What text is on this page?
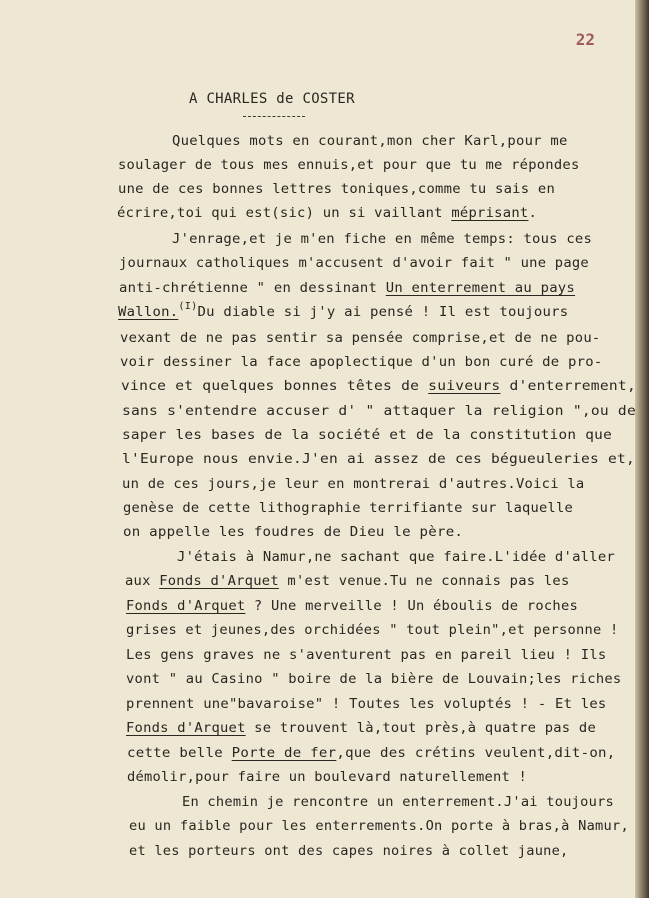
22
A CHARLES de COSTER
Quelques mots en courant,mon cher Karl,pour me
soulager de tous mes ennuis,et pour que tu me répondes
une de ces bonnes lettres toniques,comme tu sais en
écrire,toi qui est(sic) un si vaillant méprisant.
J'enrage,et je m'en fiche en même temps: tous ces
journaux catholiques m'accusent d'avoir fait " une page
anti-chrétienne " en dessinant Un enterrement au pays
Wallon.$^{(I)}$Du diable si j'y ai pensé ! Il est toujours
vexant de ne pas sentir sa pensée comprise,et de ne pou-
voir dessiner la face apoplectique d'un bon curé de pro-
vince et quelques bonnes têtes de suiveurs d'enterrement,
sans s'entendre accuser d' " attaquer la religion ",ou de
saper les bases de la société et de la constitution que
l'Europe nous envie.J'en ai assez de ces bégueuleries et,
un de ces jours,je leur en montrerai d'autres.Voici la
genèse de cette lithographie terrifiante sur laquelle
on appelle les foudres de Dieu le père.
J'étais à Namur,ne sachant que faire.L'idée d'aller
aux Fonds d'Arquet m'est venue.Tu ne connais pas les
Fonds d'Arquet ? Une merveille ! Un éboulis de roches
grises et jeunes,des orchidées " tout plein",et personne !
Les gens graves ne s'aventurent pas en pareil lieu ! Ils
vont " au Casino " boire de la bière de Louvain;les riches
prennent une"bavaroise" ! Toutes les voluptés ! - Et les
Fonds d'Arquet se trouvent là,tout près,à quatre pas de
cette belle Porte de fer,que des crétins veulent,dit-on,
démolir,pour faire un boulevard naturellement !
En chemin je rencontre un enterrement.J'ai toujours
eu un faible pour les enterrements.On porte à bras,à Namur,
et les porteurs ont des capes noires à collet jaune,
